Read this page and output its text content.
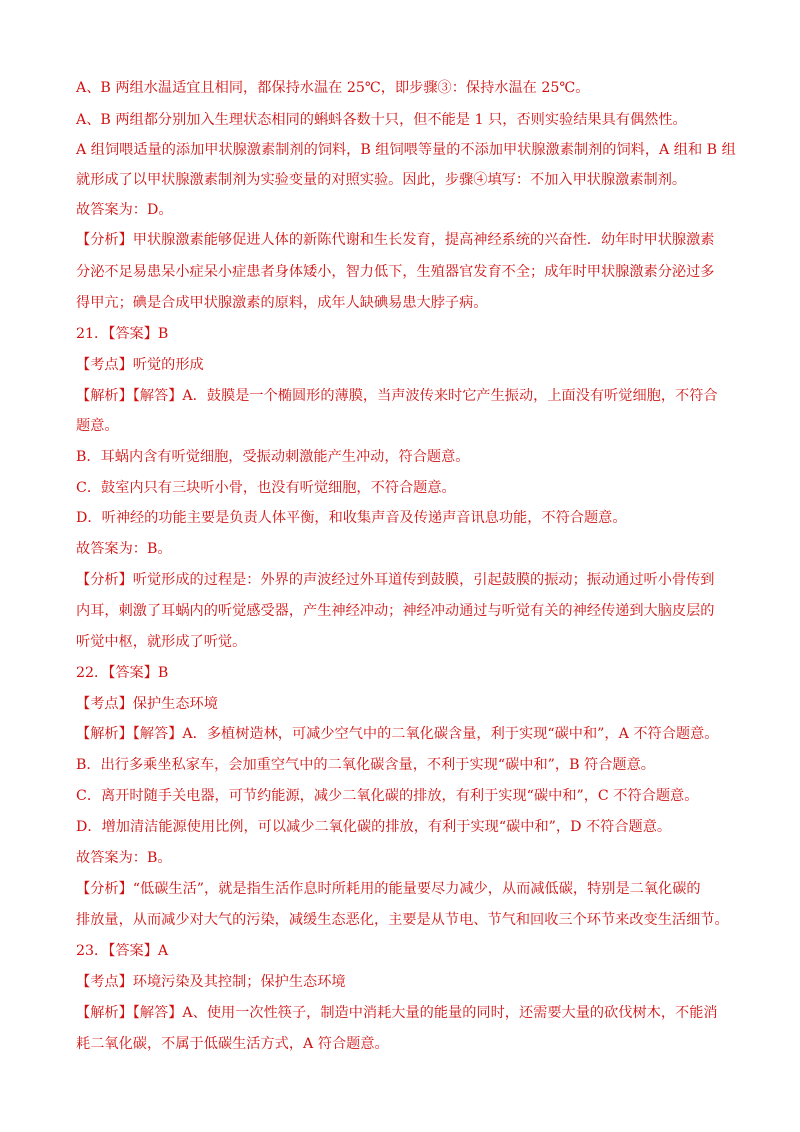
A、B 两组水温适宜且相同，都保持水温在 25℃，即步骤③：保持水温在 25℃。
A、B 两组都分别加入生理状态相同的蝌蚪各数十只，但不能是 1 只，否则实验结果具有偶然性。
A 组饲喂适量的添加甲状腺激素制剂的饲料，B 组饲喂等量的不添加甲状腺激素制剂的饲料，A 组和 B 组
就形成了以甲状腺激素制剂为实验变量的对照实验。因此，步骤④填写：不加入甲状腺激素制剂。
故答案为：D。
【分析】甲状腺激素能够促进人体的新陈代谢和生长发育，提高神经系统的兴奋性．幼年时甲状腺激素
分泌不足易患呆小症呆小症患者身体矮小，智力低下，生殖器官发育不全；成年时甲状腺激素分泌过多
得甲亢；碘是合成甲状腺激素的原料，成年人缺碘易患大脖子病。
21．【答案】B
【考点】听觉的形成
【解析】【解答】A．鼓膜是一个椭圆形的薄膜，当声波传来时它产生振动，上面没有听觉细胞，不符合
题意。
B．耳蜗内含有听觉细胞，受振动刺激能产生冲动，符合题意。
C．鼓室内只有三块听小骨，也没有听觉细胞，不符合题意。
D．听神经的功能主要是负责人体平衡，和收集声音及传递声音讯息功能，不符合题意。
故答案为：B。
【分析】听觉形成的过程是：外界的声波经过外耳道传到鼓膜，引起鼓膜的振动；振动通过听小骨传到
内耳，刺激了耳蜗内的听觉感受器，产生神经冲动；神经冲动通过与听觉有关的神经传递到大脑皮层的
听觉中枢，就形成了听觉。
22．【答案】B
【考点】保护生态环境
【解析】【解答】A．多植树造林，可减少空气中的二氧化碳含量，利于实现“碳中和”，A 不符合题意。
B．出行多乘坐私家车，会加重空气中的二氧化碳含量，不利于实现“碳中和”，B 符合题意。
C．离开时随手关电器，可节约能源，减少二氧化碳的排放，有利于实现“碳中和”，C 不符合题意。
D．增加清洁能源使用比例，可以减少二氧化碳的排放，有利于实现“碳中和”，D 不符合题意。
故答案为：B。
【分析】“低碳生活”，就是指生活作息时所耗用的能量要尽力减少，从而减低碳，特别是二氧化碳的
排放量，从而减少对大气的污染，减缓生态恶化，主要是从节电、节气和回收三个环节来改变生活细节。
23．【答案】A
【考点】环境污染及其控制；保护生态环境
【解析】【解答】A、使用一次性筷子，制造中消耗大量的能量的同时，还需要大量的砍伐树木，不能消
耗二氧化碳，不属于低碳生活方式，A 符合题意。
